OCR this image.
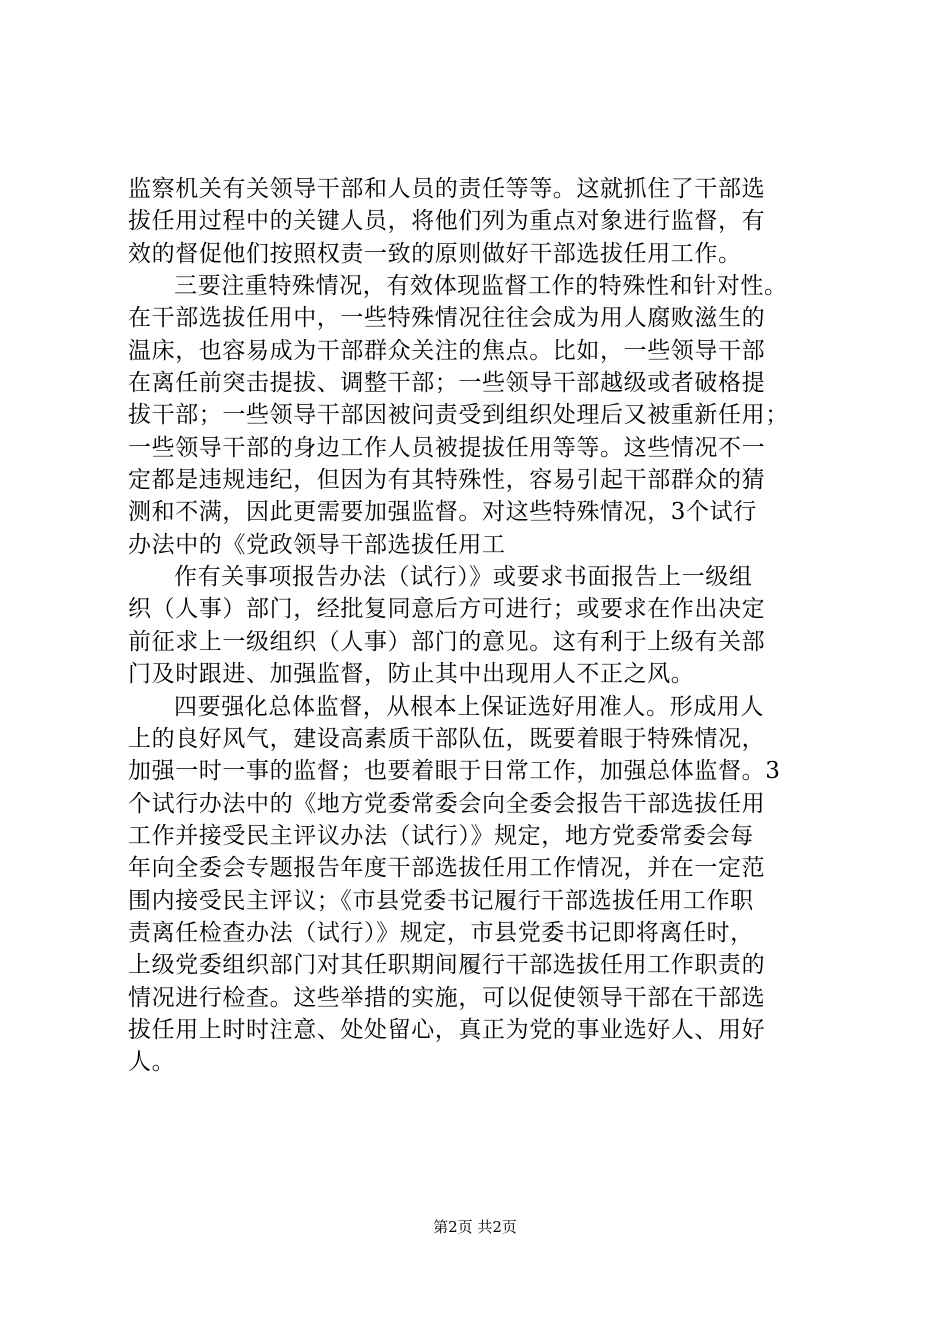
监察机关有关领导干部和人员的责任等等。这就抓住了干部选
拔任用过程中的关键人员，将他们列为重点对象进行监督，有
效的督促他们按照权责一致的原则做好干部选拔任用工作。
三要注重特殊情况，有效体现监督工作的特殊性和针对性。
在干部选拔任用中，一些特殊情况往往会成为用人腐败滋生的
温床，也容易成为干部群众关注的焦点。比如，一些领导干部
在离任前突击提拔、调整干部；一些领导干部越级或者破格提
拔干部；一些领导干部因被问责受到组织处理后又被重新任用；
一些领导干部的身边工作人员被提拔任用等等。这些情况不一
定都是违规违纪，但因为有其特殊性，容易引起干部群众的猜
测和不满，因此更需要加强监督。对这些特殊情况，3个试行
办法中的《党政领导干部选拔任用工
作有关事项报告办法（试行）》或要求书面报告上一级组
织（人事）部门，经批复同意后方可进行；或要求在作出决定
前征求上一级组织（人事）部门的意见。这有利于上级有关部
门及时跟进、加强监督，防止其中出现用人不正之风。
四要强化总体监督，从根本上保证选好用准人。形成用人
上的良好风气，建设高素质干部队伍，既要着眼于特殊情况，
加强一时一事的监督；也要着眼于日常工作，加强总体监督。3
个试行办法中的《地方党委常委会向全委会报告干部选拔任用
工作并接受民主评议办法（试行）》规定，地方党委常委会每
年向全委会专题报告年度干部选拔任用工作情况，并在一定范
围内接受民主评议；《市县党委书记履行干部选拔任用工作职
责离任检查办法（试行）》规定，市县党委书记即将离任时，
上级党委组织部门对其任职期间履行干部选拔任用工作职责的
情况进行检查。这些举措的实施，可以促使领导干部在干部选
拔任用上时时注意、处处留心，真正为党的事业选好人、用好
人。
第2页 共2页
